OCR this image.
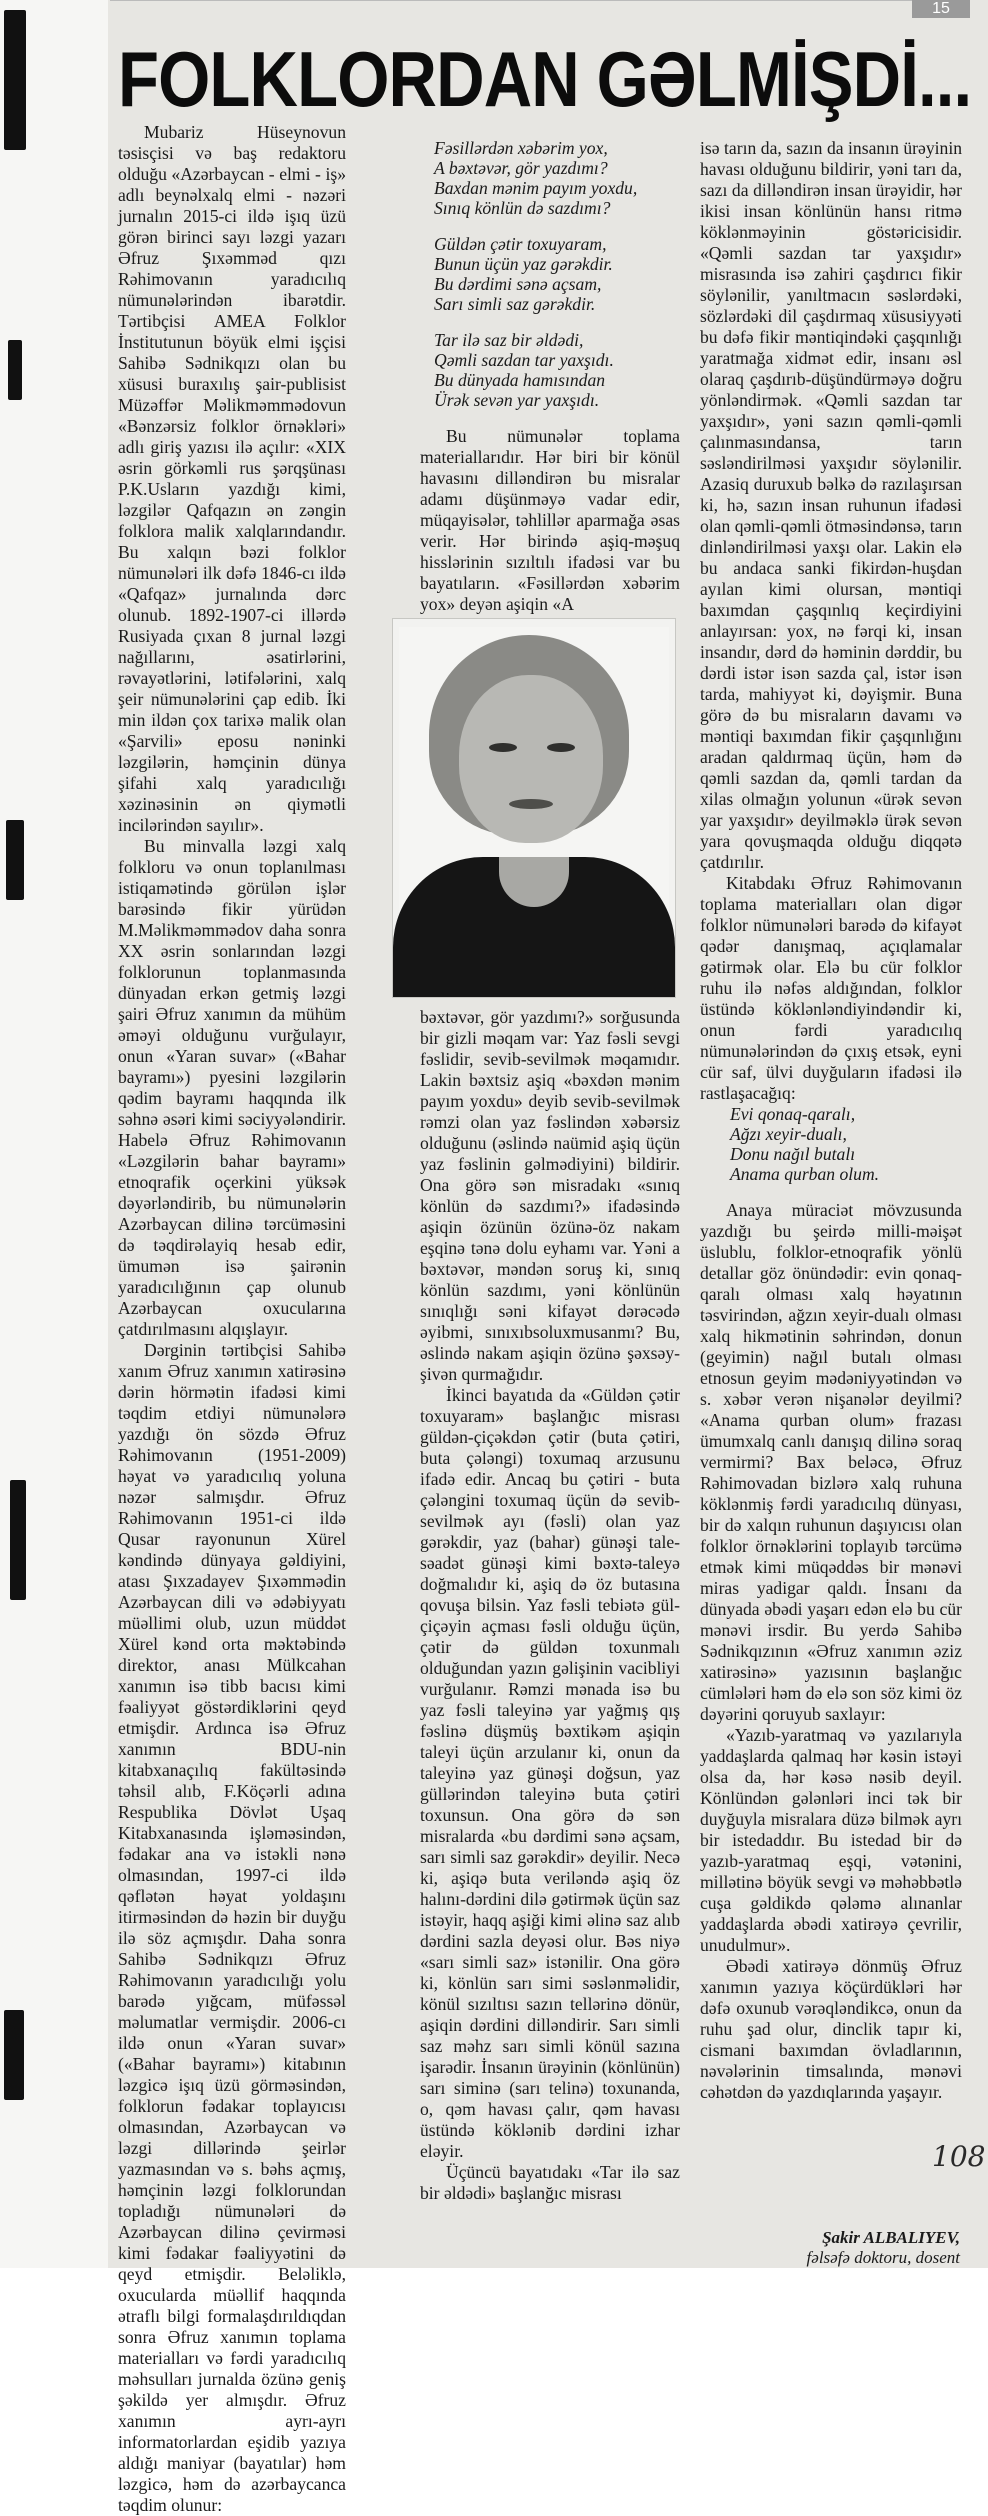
15
FOLKLORDAN GƏLMİŞDİ...

Mubariz Hüseynovun təsisçisi və baş redaktoru olduğu «Azərbaycan - elmi - iş» adlı beynəlxalq elmi - nəzəri jurnalın 2015-ci ildə işıq üzü görən birinci sayı ləzgi yazarı Əfruz Şıxəmməd qızı Rəhimovanın yaradıcılıq nümunələrindən ibarətdir. Tərtibçisi AMEA Folklor İnstitutunun böyük elmi işçisi Sahibə Sədnikqızı olan bu xüsusi buraxılış şair-publisist Müzəffər Məlikməmmədovun «Bənzərsiz folklor örnəkləri» adlı giriş yazısı ilə açılır: «XIX əsrin görkəmli rus şərqşünası P.K.Usların yazdığı kimi, ləzgilər Qafqazın ən zəngin folklora malik xalqlarındandır. Bu xalqın bəzi folklor nümunələri ilk dəfə 1846-cı ildə «Qafqaz» jurnalında dərc olunub. 1892-1907-ci illərdə Rusiyada çıxan 8 jurnal ləzgi nağıllarını, əsatirlərini, rəvayətlərini, lətifələrini, xalq şeir nümunələrini çap edib. İki min ildən çox tarixə malik olan «Şarvili» eposu nəninki ləzgilərin, həmçinin dünya şifahi xalq yaradıcılığı xəzinəsinin ən qiymətli incilərindən sayılır».

Bu minvalla ləzgi xalq folkloru və onun toplanılması istiqamətində görülən işlər barəsində fikir yürüdən M.Məlikməmmədov daha sonra XX əsrin sonlarından ləzgi folklorunun toplanmasında dünyadan erkən getmiş ləzgi şairi Əfruz xanımın da mühüm əməyi olduğunu vurğulayır, onun «Yaran suvar» («Bahar bayramı») pyesini ləzgilərin qədim bayramı haqqında ilk səhnə əsəri kimi səciyyələndirir. Habelə Əfruz Rəhimovanın «Ləzgilərin bahar bayramı» etnoqrafik oçerkini yüksək dəyərləndirib, bu nümunələrin Azərbaycan dilinə tərcüməsini də təqdirəlayiq hesab edir, ümumən isə şairənin yaradıcılığının çap olunub Azərbaycan oxucularına çatdırılmasını alqışlayır.

Dərginin tərtibçisi Sahibə xanım Əfruz xanımın xatirəsinə dərin hörmətin ifadəsi kimi təqdim etdiyi nümunələrə yazdığı ön sözdə Əfruz Rəhimovanın (1951-2009) həyat və yaradıcılıq yoluna nəzər salmışdır. Əfruz Rəhimovanın 1951-ci ildə Qusar rayonunun Xürel kəndində dünyaya gəldiyini, atası Şıxzadayev Şıxəmmədin Azərbaycan dili və ədəbiyyatı müəllimi olub, uzun müddət Xürel kənd orta məktəbində direktor, anası Mülkcahan xanımın isə tibb bacısı kimi fəaliyyət göstərdiklərini qeyd etmişdir. Ardınca isə Əfruz xanımın BDU-nin kitabxanaçılıq fakültəsində təhsil alıb, F.Köçərli adına Respublika Dövlət Uşaq Kitabxanasında işləməsindən, fədakar ana və istəkli nənə olmasından, 1997-ci ildə qəflətən həyat yoldaşını itirməsindən də həzin bir duyğu ilə söz açmışdır. Daha sonra Sahibə Sədnikqızı Əfruz Rəhimovanın yaradıcılığı yolu barədə yığcam, müfəssəl məlumatlar vermişdir. 2006-cı ildə onun «Yaran suvar» («Bahar bayramı») kitabının ləzgicə işıq üzü görməsindən, folklorun fədakar toplayıcısı olmasından, Azərbaycan və ləzgi dillərində şeirlər yazmasından və s. bəhs açmış, həmçinin ləzgi folklorundan topladığı nümunələri də Azərbaycan dilinə çevirməsi kimi fədakar fəaliyyətini də qeyd etmişdir. Beləliklə, oxucularda müəllif haqqında ətraflı bilgi formalaşdırıldıqdan sonra Əfruz xanımın toplama materialları və fərdi yaradıcılıq məhsulları jurnalda özünə geniş şəkildə yer almışdır. Əfruz xanımın ayrı-ayrı informatorlardan eşidib yazıya aldığı maniyar (bayatılar) həm ləzgicə, həm də azərbaycanca təqdim olunur:

Fəsillərdən xəbərim yox,
A bəxtəvər, gör yazdımı?
Baxdan mənim payım yoxdu,
Sınıq könlün də sazdımı?
Güldən çətir toxuyaram,
Bunun üçün yaz gərəkdir.
Bu dərdimi sənə açsam,
Sarı simli saz gərəkdir.
Tar ilə saz bir əldədi,
Qəmli sazdan tar yaxşıdı.
Bu dünyada hamısından
Ürək sevən yar yaxşıdı.

Bu nümunələr toplama materiallarıdır. Hər biri bir könül havasını dilləndirən bu misralar adamı düşünməyə vadar edir, müqayisələr, təhlillər aparmağa əsas verir. Hər birində aşiq-məşuq hisslərinin sızıltılı ifadəsi var bu bayatıların. «Fəsillərdən xəbərim yox» deyən aşiqin «A

bəxtəvər, gör yazdımı?» sorğusunda bir gizli məqam var: Yaz fəsli sevgi fəslidir, sevib-sevilmək məqamıdır. Lakin bəxtsiz aşiq «bəxdən mənim payım yoxdu» deyib sevib-sevilmək rəmzi olan yaz fəslindən xəbərsiz olduğunu (əslində naümid aşiq üçün yaz fəslinin gəlmədiyini) bildirir. Ona görə sən misradakı «sınıq könlün də sazdımı?» ifadəsində aşiqin özünün özünə-öz nakam eşqinə tənə dolu eyhamı var. Yəni a bəxtəvər, məndən soruş ki, sınıq könlün sazdımı, yəni könlünün sınıqlığı səni kifayət dərəcədə əyibmi, sınıxıbsoluxmusanmı? Bu, əslində nakam aşiqin özünə şəxsəy-şivən qurmağıdır.

İkinci bayatıda da «Güldən çətir toxuyaram» başlanğıc misrası güldən-çiçəkdən çətir (buta çətiri, buta çələngi) toxumaq arzusunu ifadə edir. Ancaq bu çətiri - buta çələngini toxumaq üçün də sevib-sevilmək ayı (fəsli) olan yaz gərəkdir, yaz (bahar) günəşi tale-səadət günəşi kimi bəxtə-taleyə doğmalıdır ki, aşiq də öz butasına qovuşa bilsin. Yaz fəsli tebiətə gül-çiçəyin açması fəsli olduğu üçün, çətir də güldən toxunmalı olduğundan yazın gəlişinin vacibliyi vurğulanır. Rəmzi mənada isə bu yaz fəsli taleyinə yar yağmış qış fəslinə düşmüş bəxtikəm aşiqin taleyi üçün arzulanır ki, onun da taleyinə yaz günəşi doğsun, yaz güllərindən taleyinə buta çətiri toxunsun. Ona görə də sən misralarda «bu dərdimi sənə açsam, sarı simli saz gərəkdir» deyilir. Necə ki, aşiqə buta veriləndə aşiq öz halını-dərdini dilə gətirmək üçün saz istəyir, haqq aşiği kimi əlinə saz alıb dərdini sazla deyəsi olur. Bəs niyə «sarı simli saz» istənilir. Ona görə ki, könlün sarı simi səslənməlidir, könül sızıltısı sazın tellərinə dönür, aşiqin dərdini dilləndirir. Sarı simli saz məhz sarı simli könül sazına işarədir. İnsanın ürəyinin (könlünün) sarı siminə (sarı telinə) toxunanda, o, qəm havası çalır, qəm havası üstündə köklənib dərdini izhar eləyir.

Üçüncü bayatıdakı «Tar ilə saz bir əldədi» başlanğıc misrası

isə tarın da, sazın da insanın ürəyinin havası olduğunu bildirir, yəni tarı da, sazı da dilləndirən insan ürəyidir, hər ikisi insan könlünün hansı ritmə köklənməyinin göstəricisidir. «Qəmli sazdan tar yaxşıdır» misrasında isə zahiri çaşdırıcı fikir söylənilir, yanıltmacın səslərdəki, sözlərdəki dil çaşdırmaq xüsusiyyəti bu dəfə fikir məntiqindəki çaşqınlığı yaratmağa xidmət edir, insanı əsl olaraq çaşdırıb-düşündürməyə doğru yönləndirmək. «Qəmli sazdan tar yaxşıdır», yəni sazın qəmli-qəmli çalınmasındansa, tarın səsləndirilməsi yaxşıdır söylənilir. Azasiq duruxub bəlkə də razılaşırsan ki, hə, sazın insan ruhunun ifadəsi olan qəmli-qəmli ötməsindənsə, tarın dinləndirilməsi yaxşı olar. Lakin elə bu andaca sanki fikirdən-huşdan ayılan kimi olursan, məntiqi baxımdan çaşqınlıq keçirdiyini anlayırsan: yox, nə fərqi ki, insan insandır, dərd də həminin dərddir, bu dərdi istər isən sazda çal, istər isən tarda, mahiyyət ki, dəyişmir. Buna görə də bu misraların davamı və məntiqi baxımdan fikir çaşqınlığını aradan qaldırmaq üçün, həm də qəmli sazdan da, qəmli tardan da xilas olmağın yolunun «ürək sevən yar yaxşıdır» deyilməklə ürək sevən yara qovuşmaqda olduğu diqqətə çatdırılır.

Kitabdakı Əfruz Rəhimovanın toplama materialları olan digər folklor nümunələri barədə də kifayət qədər danışmaq, açıqlamalar gətirmək olar. Elə bu cür folklor ruhu ilə nəfəs aldığından, folklor üstündə köklənləndiyindəndir ki, onun fərdi yaradıcılıq nümunələrindən də çıxış etsək, eyni cür saf, ülvi duyğuların ifadəsi ilə rastlaşacağıq:

Evi qonaq-qaralı,
Ağzı xeyir-dualı,
Donu nağıl butalı
Anama qurban olum.

Anaya müraciət mövzusunda yazdığı bu şeirdə milli-məişət üslublu, folklor-etnoqrafik yönlü detallar göz önündədir: evin qonaq-qaralı olması xalq həyatının təsvirindən, ağzın xeyir-dualı olması xalq hikmətinin səhrindən, donun (geyimin) nağıl butalı olması etnosun geyim mədəniyyətindən və s. xəbər verən nişanələr deyilmi? «Anama qurban olum» frazası ümumxalq canlı danışıq dilinə soraq vermirmi? Bax beləcə, Əfruz Rəhimovadan bizlərə xalq ruhuna köklənmiş fərdi yaradıcılıq dünyası, bir də xalqın ruhunun daşıyıcısı olan folklor örnəklərini toplayıb tərcümə etmək kimi müqəddəs bir mənəvi miras yadigar qaldı. İnsanı da dünyada əbədi yaşarı edən elə bu cür mənəvi irsdir. Bu yerdə Sahibə Sədnikqızının «Əfruz xanımın əziz xatirəsinə» yazısının başlanğıc cümlələri həm də elə son söz kimi öz dəyərini qoruyub saxlayır:

«Yazıb-yaratmaq və yazılarıyla yaddaşlarda qalmaq hər kəsin istəyi olsa da, hər kəsə nəsib deyil. Könlündən gələnləri inci tək bir duyğuyla misralara düzə bilmək ayrı bir istedaddır. Bu istedad bir də yazıb-yaratmaq eşqi, vətənini, millətinə böyük sevgi və məhəbbətlə cuşa gəldikdə qələmə alınanlar yaddaşlarda əbədi xatirəyə çevrilir, unudulmur».

Əbədi xatirəyə dönmüş Əfruz xanımın yazıya köçürdükləri hər dəfə oxunub vərəqləndikcə, onun da ruhu şad olur, dinclik tapır ki, cismani baxımdan övladlarının, nəvələrinin timsalında, mənəvi cəhətdən də yazdıqlarında yaşayır.

108
Şakir ALBALIYEV,
fəlsəfə doktoru, dosent
